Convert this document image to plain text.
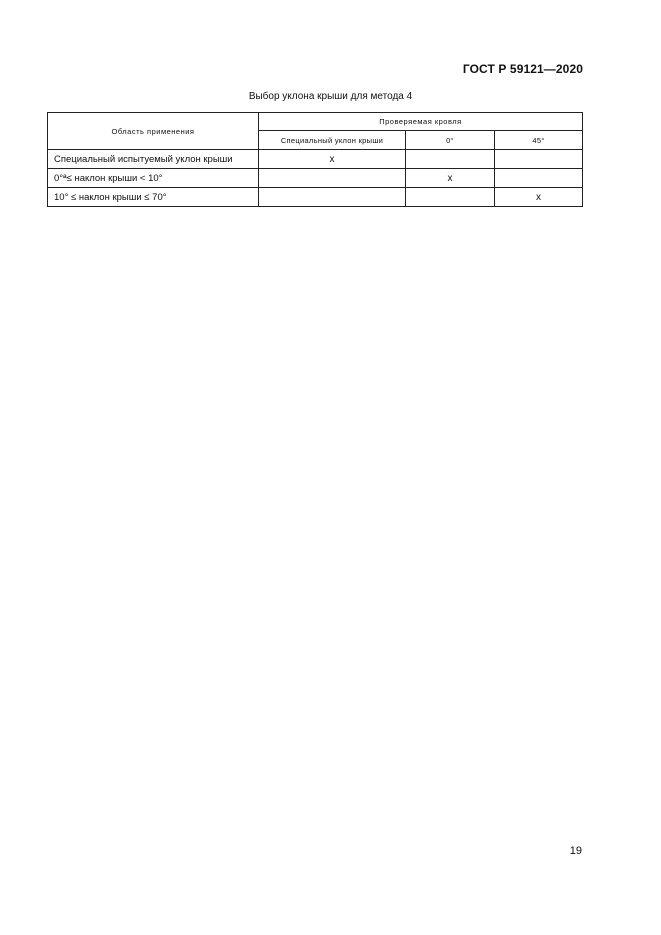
ГОСТ Р 59121—2020
Выбор уклона крыши для метода 4
Область применения	Проверяемая кровля		
	Специальный уклон крыши	0°	45°
Специальный испытуемый уклон крыши	x		
0°ª≤ наклон крыши < 10°		x	
10° ≤ наклон крыши ≤ 70°			x
19
